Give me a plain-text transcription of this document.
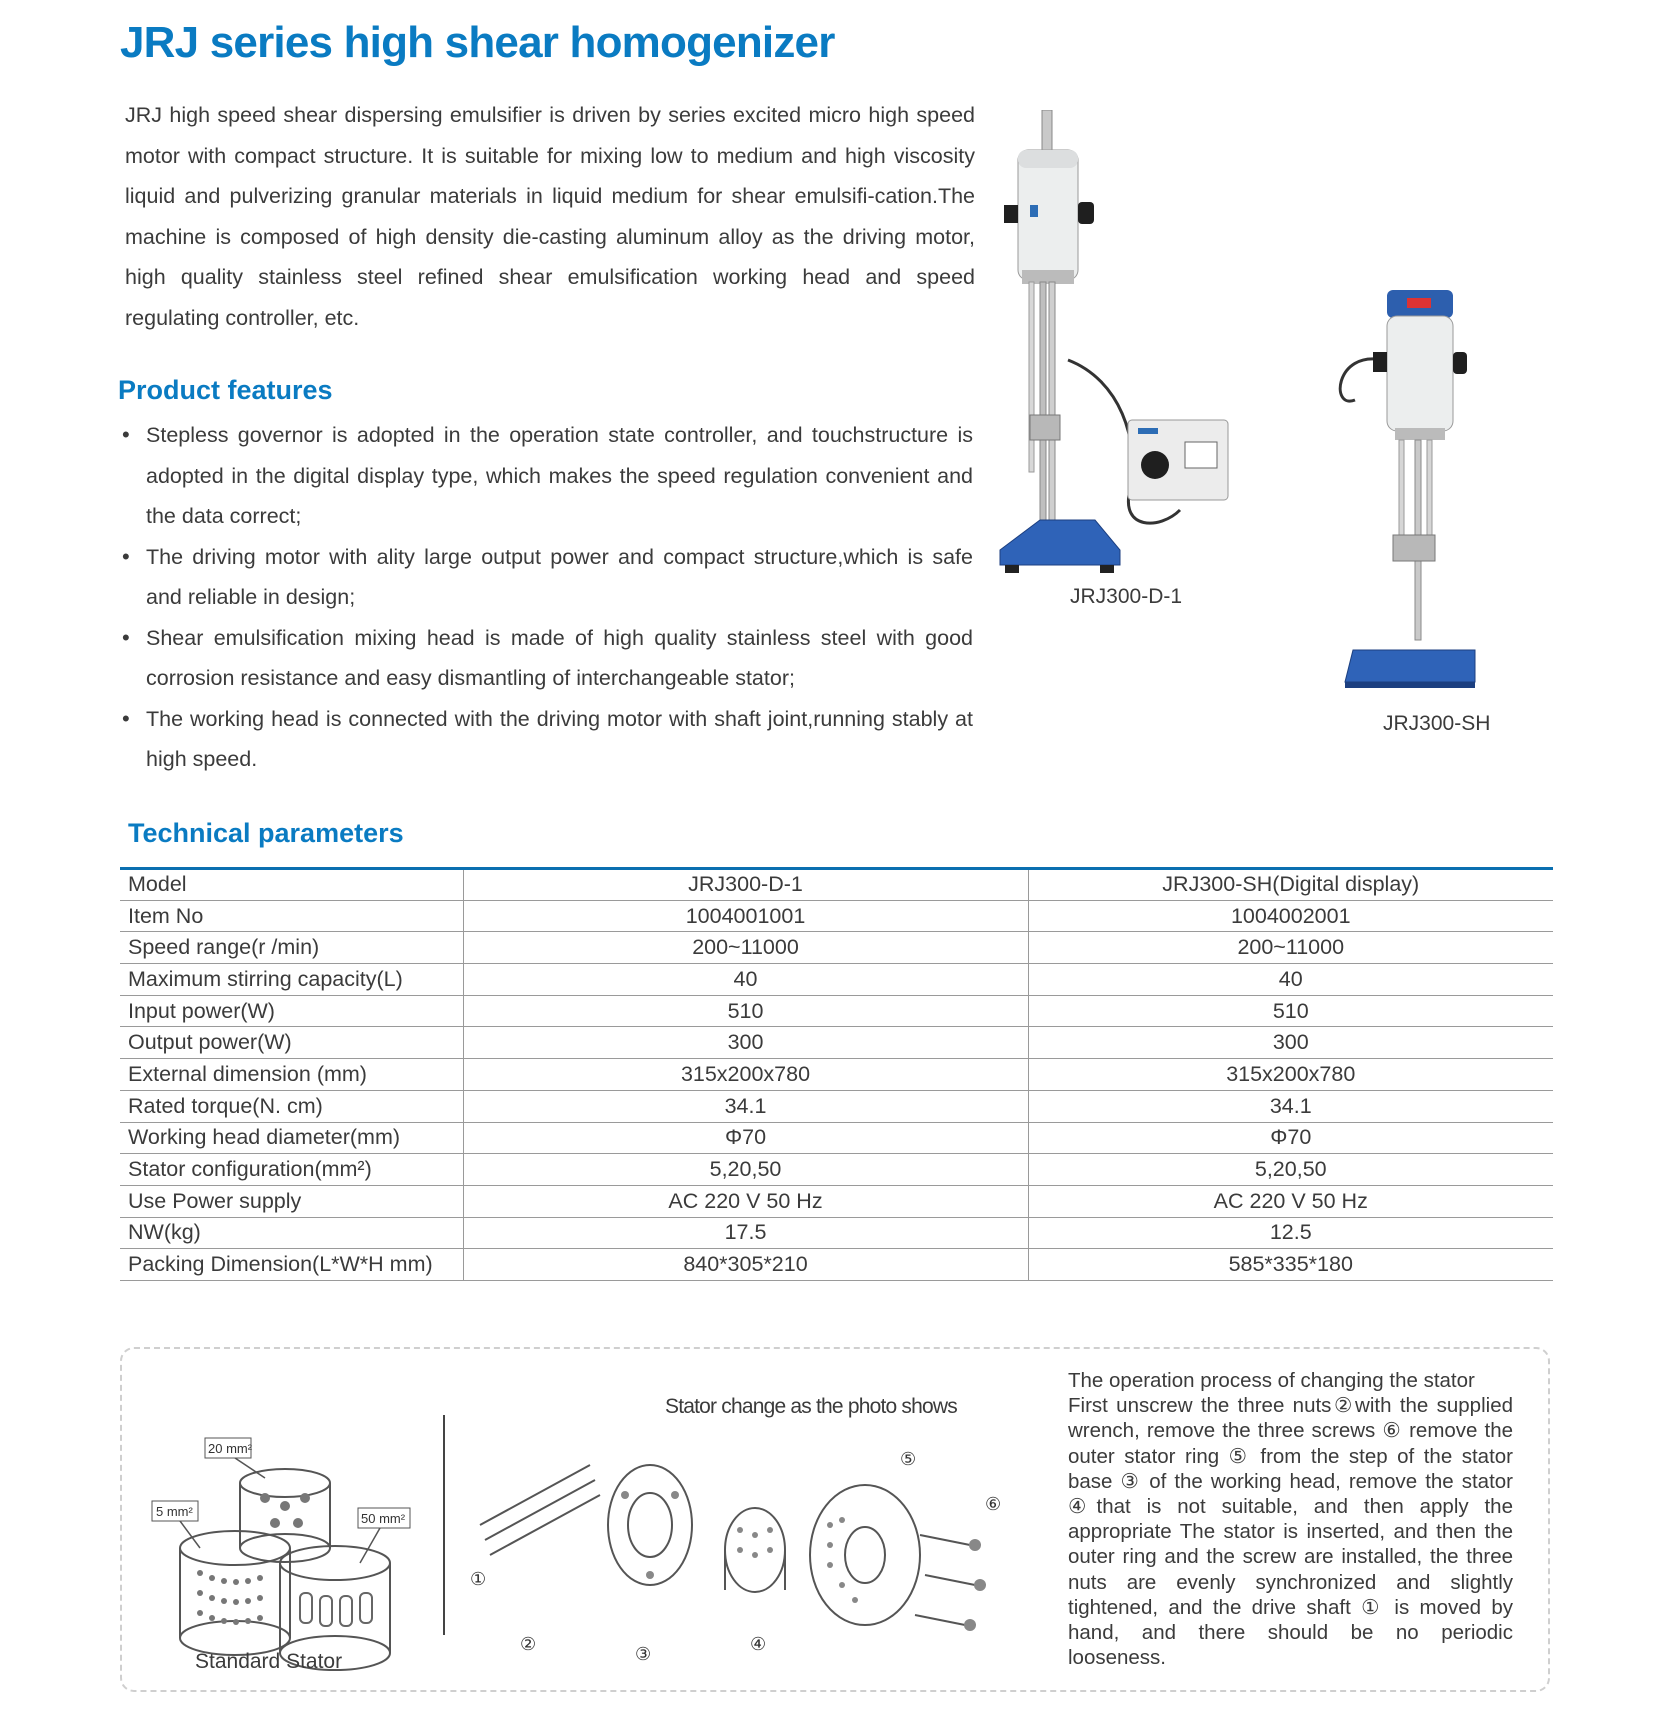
JRJ series high shear homogenizer

JRJ high speed shear dispersing emulsifier is driven by series excited micro high speed motor with compact structure. It is suitable for mixing low to medium and high viscosity liquid and pulverizing granular materials in liquid medium for shear emulsifi-cation.The machine is composed of high density die-casting aluminum alloy as the driving motor, high quality stainless steel refined shear emulsification working head and speed regulating controller, etc.

Product features
• Stepless governor is adopted in the operation state controller, and touchstructure is adopted in the digital display type, which makes the speed regulation convenient and the data correct;
• The driving motor with ality large output power and compact structure,which is safe and reliable in design;
• Shear emulsification mixing head is made of high quality stainless steel with good corrosion resistance and easy dismantling of interchangeable stator;
• The working head is connected with the driving motor with shaft joint,running stably at high speed.
JRJ300-D-1
JRJ300-SH
Technical parameters
Model	JRJ300-D-1	JRJ300-SH(Digital display)
Item No	1004001001	1004002001
Speed range(r /min)	200~11000	200~11000
Maximum stirring capacity(L)	40	40
Input power(W)	510	510
Output power(W)	300	300
External dimension (mm)	315x200x780	315x200x780
Rated torque(N. cm)	34.1	34.1
Working head diameter(mm)	Φ70	Φ70
Stator configuration(mm²)	5,20,50	5,20,50
Use Power supply	AC 220 V 50 Hz	AC 220 V 50 Hz
NW(kg)	17.5	12.5
Packing Dimension(L*W*H mm)	840*305*210	585*335*180
20 mm²
5 mm²	50 mm²
Standard Stator
Stator change as the photo shows
①
②	③	④
⑤
⑥
The operation process of changing the stator
First unscrew the three nuts②with the supplied wrench, remove the three screws ⑥ remove the outer stator ring ⑤ from the step of the stator base ③ of the working head, remove the stator ④that is not suitable, and then apply the appropriate The stator is inserted, and then the outer ring and the screw are installed, the three nuts are evenly synchronized and slightly tightened, and the drive shaft ① is moved by hand, and there should be no periodic looseness.
